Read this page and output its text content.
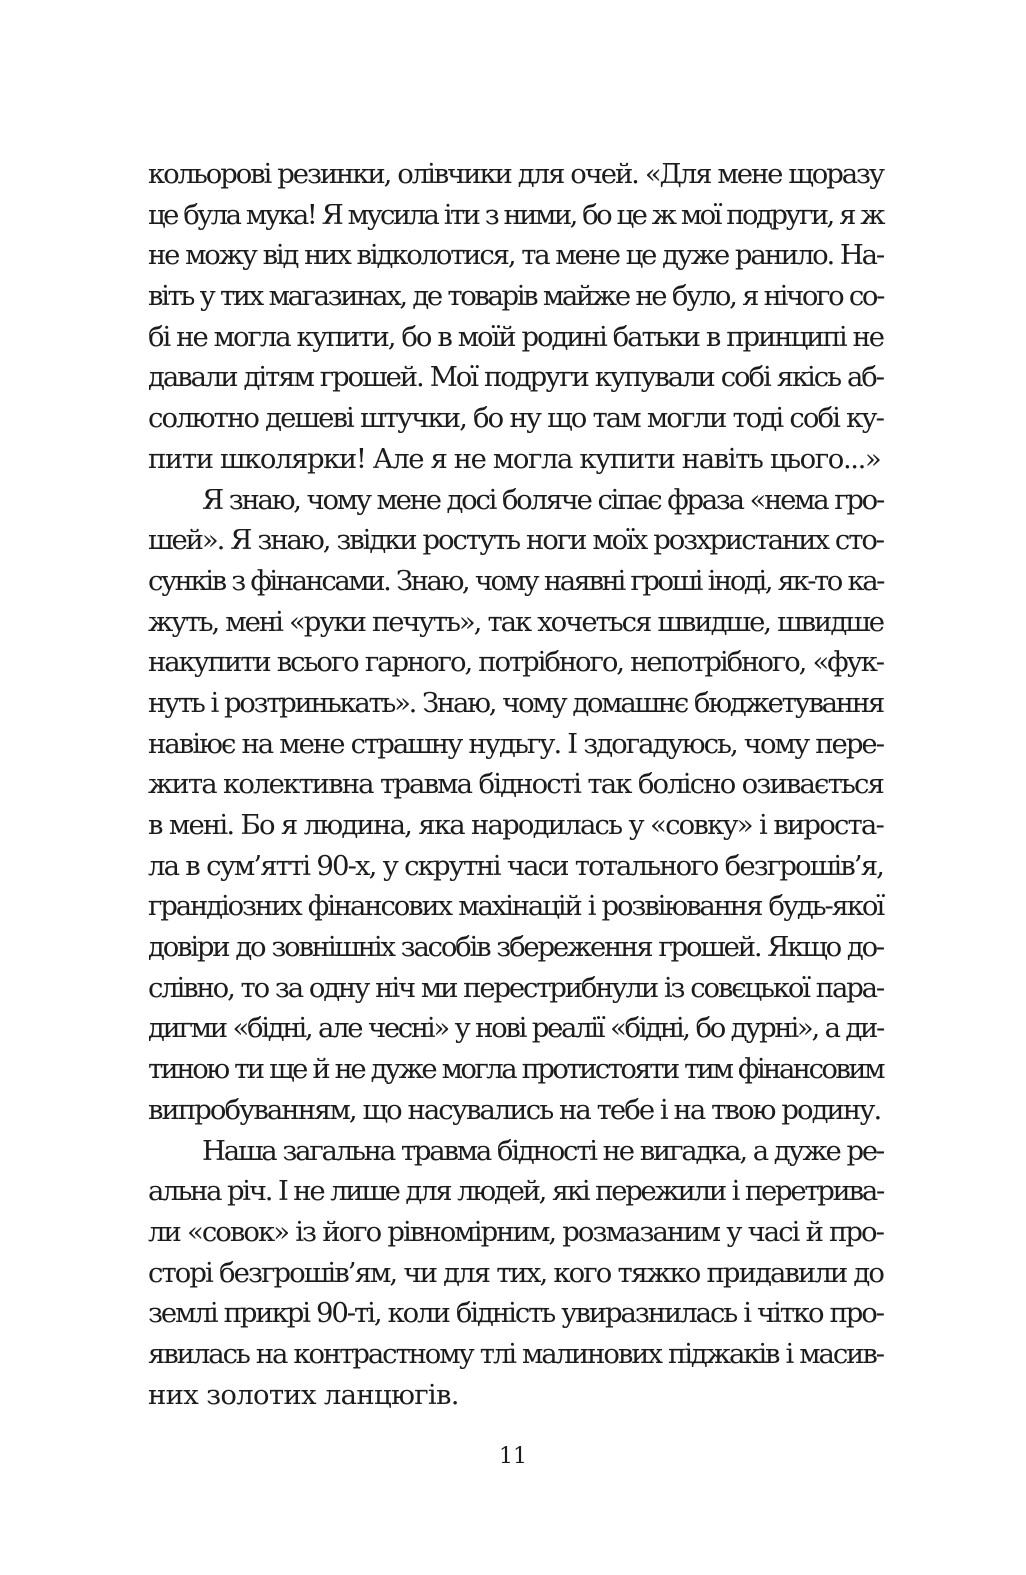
кольорові резинки, олівчики для очей. «Для мене щоразу
це була мука! Я мусила іти з ними, бо це ж мої подруги, я ж
не можу від них відколотися, та мене це дуже ранило. На-
віть у тих магазинах, де товарів майже не було, я нічого со-
бі не могла купити, бо в моїй родині батьки в принципі не
давали дітям грошей. Мої подруги купували собі якісь аб-
солютно дешеві штучки, бо ну що там могли тоді собі ку-
пити школярки! Але я не могла купити навіть цього...»
Я знаю, чому мене досі боляче сіпає фраза «нема гро-
шей». Я знаю, звідки ростуть ноги моїх розхристаних сто-
сунків з фінансами. Знаю, чому наявні гроші іноді, як-то ка-
жуть, мені «руки печуть», так хочеться швидше, швидше
накупити всього гарного, потрібного, непотрібного, «фук-
нуть і розтринькать». Знаю, чому домашнє бюджетування
навіює на мене страшну нудьгу. І здогадуюсь, чому пере-
жита колективна травма бідності так болісно озивається
в мені. Бо я людина, яка народилась у «совку» і вироста-
ла в сум’ятті 90-х, у скрутні часи тотального безгрошів’я,
грандіозних фінансових махінацій і розвіювання будь-якої
довіри до зовнішніх засобів збереження грошей. Якщо до-
слівно, то за одну ніч ми перестрибнули із совєцької пара-
дигми «бідні, але чесні» у нові реалії «бідні, бо дурні», а ди-
тиною ти ще й не дуже могла протистояти тим фінансовим
випробуванням, що насувались на тебе і на твою родину.
Наша загальна травма бідності не вигадка, а дуже ре-
альна річ. І не лише для людей, які пережили і перетрива-
ли «совок» із його рівномірним, розмазаним у часі й про-
сторі безгрошів’ям, чи для тих, кого тяжко придавили до
землі прикрі 90-ті, коли бідність увиразнилась і чітко про-
явилась на контрастному тлі малинових піджаків і масив-
них золотих ланцюгів.
11
